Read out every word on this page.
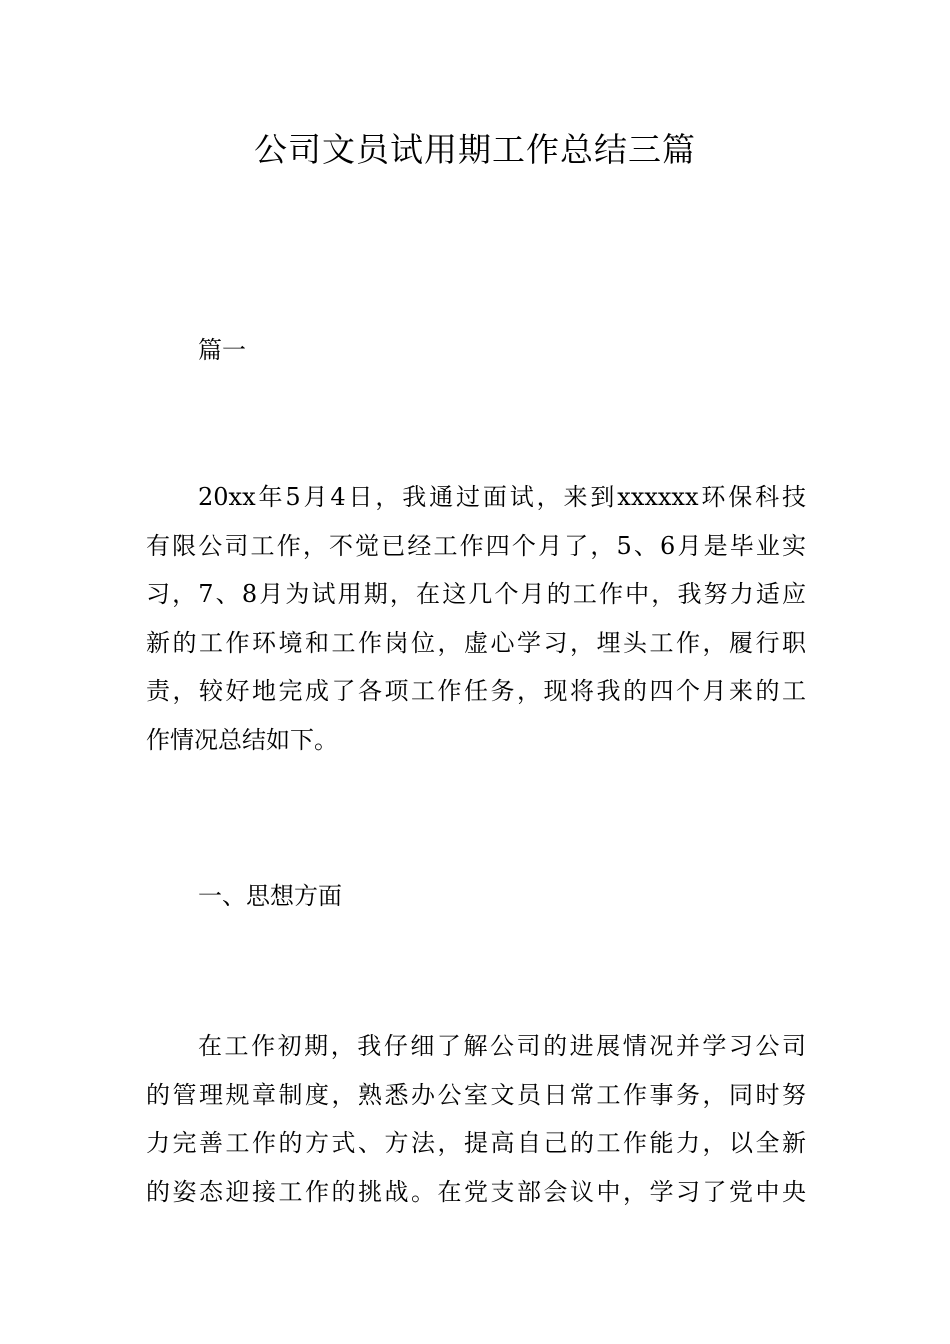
公司文员试用期工作总结三篇
篇一
20xx年5月4日，我通过面试，来到xxxxxx环保科技
有限公司工作，不觉已经工作四个月了，5、6月是毕业实
习，7、8月为试用期，在这几个月的工作中，我努力适应
新的工作环境和工作岗位，虚心学习，埋头工作，履行职
责，较好地完成了各项工作任务，现将我的四个月来的工
作情况总结如下。
一、思想方面
在工作初期，我仔细了解公司的进展情况并学习公司
的管理规章制度，熟悉办公室文员日常工作事务，同时努
力完善工作的方式、方法，提高自己的工作能力，以全新
的姿态迎接工作的挑战。在党支部会议中，学习了党中央
